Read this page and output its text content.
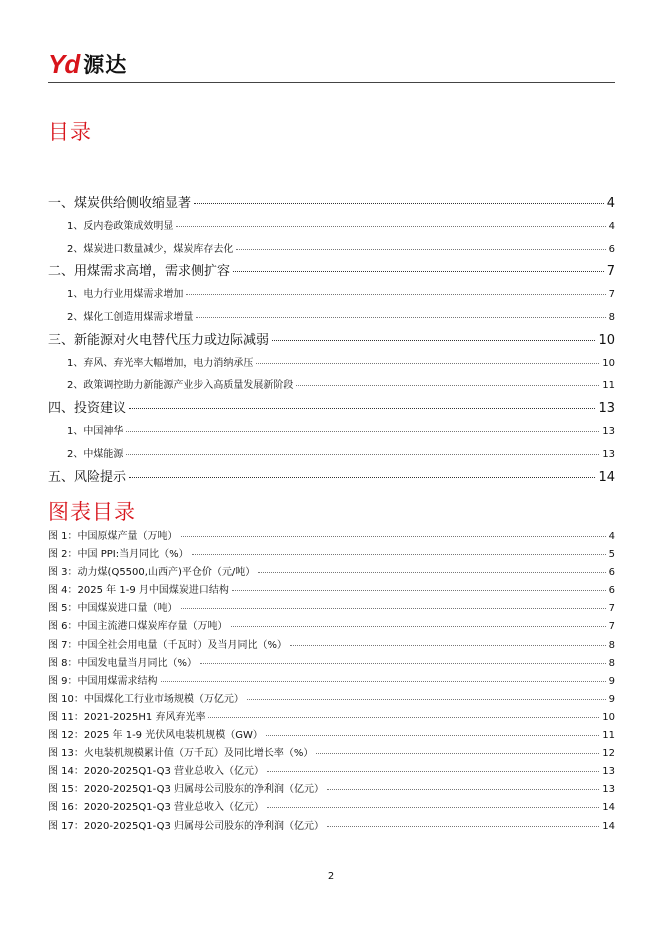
Yd 源达
目录
一、煤炭供给侧收缩显著	4
1、反内卷政策成效明显	4
2、煤炭进口数量减少，煤炭库存去化	6
二、用煤需求高增，需求侧扩容	7
1、电力行业用煤需求增加	7
2、煤化工创造用煤需求增量	8
三、新能源对火电替代压力或边际减弱	10
1、弃风、弃光率大幅增加，电力消纳承压	10
2、政策调控助力新能源产业步入高质量发展新阶段	11
四、投资建议	13
1、中国神华	13
2、中煤能源	13
五、风险提示	14
图表目录
图 1：中国原煤产量（万吨）	4
图 2：中国 PPI:当月同比（%）	5
图 3：动力煤(Q5500,山西产)平仓价（元/吨）	6
图 4：2025 年 1-9 月中国煤炭进口结构	6
图 5：中国煤炭进口量（吨）	7
图 6：中国主流港口煤炭库存量（万吨）	7
图 7：中国全社会用电量（千瓦时）及当月同比（%）	8
图 8：中国发电量当月同比（%）	8
图 9：中国用煤需求结构	9
图 10：中国煤化工行业市场规模（万亿元）	9
图 11：2021-2025H1 弃风弃光率	10
图 12：2025 年 1-9 光伏风电装机规模（GW）	11
图 13：火电装机规模累计值（万千瓦）及同比增长率（%）	12
图 14：2020-2025Q1-Q3 营业总收入（亿元）	13
图 15：2020-2025Q1-Q3 归属母公司股东的净利润（亿元）	13
图 16：2020-2025Q1-Q3 营业总收入（亿元）	14
图 17：2020-2025Q1-Q3 归属母公司股东的净利润（亿元）	14
2
